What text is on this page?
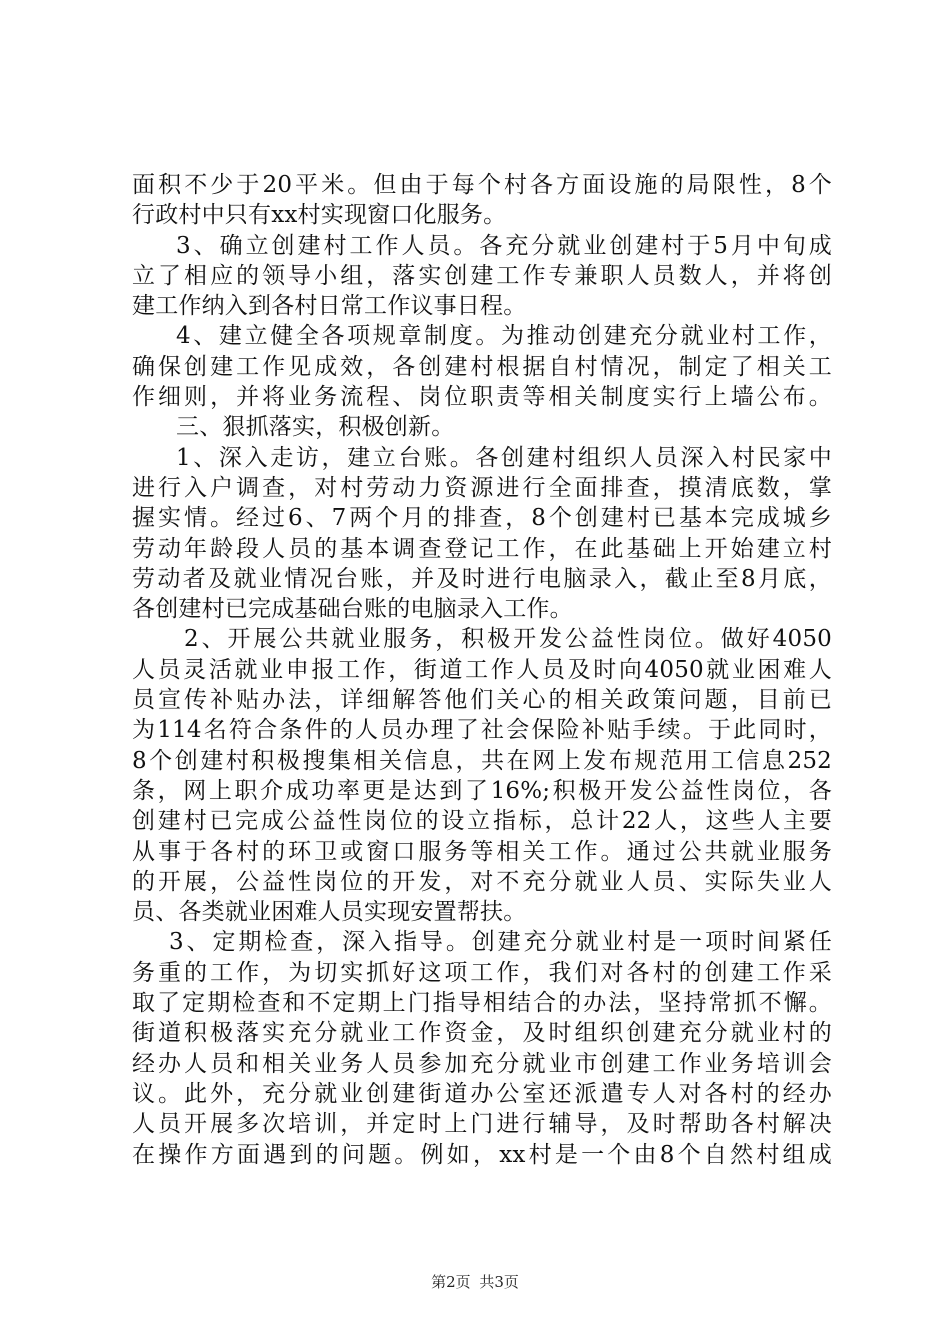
面积不少于20平米。但由于每个村各方面设施的局限性，8个
行政村中只有xx村实现窗口化服务。
3、确立创建村工作人员。各充分就业创建村于5月中旬成
立了相应的领导小组，落实创建工作专兼职人员数人，并将创
建工作纳入到各村日常工作议事日程。
4、建立健全各项规章制度。为推动创建充分就业村工作，
确保创建工作见成效，各创建村根据自村情况，制定了相关工
作细则，并将业务流程、岗位职责等相关制度实行上墙公布。
三、狠抓落实，积极创新。
1、深入走访，建立台账。各创建村组织人员深入村民家中
进行入户调查，对村劳动力资源进行全面排查，摸清底数，掌
握实情。经过6、7两个月的排查，8个创建村已基本完成城乡
劳动年龄段人员的基本调查登记工作，在此基础上开始建立村
劳动者及就业情况台账，并及时进行电脑录入，截止至8月底，
各创建村已完成基础台账的电脑录入工作。
2、开展公共就业服务，积极开发公益性岗位。做好4050
人员灵活就业申报工作，街道工作人员及时向4050就业困难人
员宣传补贴办法，详细解答他们关心的相关政策问题，目前已
为114名符合条件的人员办理了社会保险补贴手续。于此同时，
8个创建村积极搜集相关信息，共在网上发布规范用工信息252
条，网上职介成功率更是达到了16%;积极开发公益性岗位，各
创建村已完成公益性岗位的设立指标，总计22人，这些人主要
从事于各村的环卫或窗口服务等相关工作。通过公共就业服务
的开展，公益性岗位的开发，对不充分就业人员、实际失业人
员、各类就业困难人员实现安置帮扶。
3、定期检查，深入指导。创建充分就业村是一项时间紧任
务重的工作，为切实抓好这项工作，我们对各村的创建工作采
取了定期检查和不定期上门指导相结合的办法，坚持常抓不懈。
街道积极落实充分就业工作资金，及时组织创建充分就业村的
经办人员和相关业务人员参加充分就业市创建工作业务培训会
议。此外，充分就业创建街道办公室还派遣专人对各村的经办
人员开展多次培训，并定时上门进行辅导，及时帮助各村解决
在操作方面遇到的问题。例如，xx村是一个由8个自然村组成
第2页 共3页
